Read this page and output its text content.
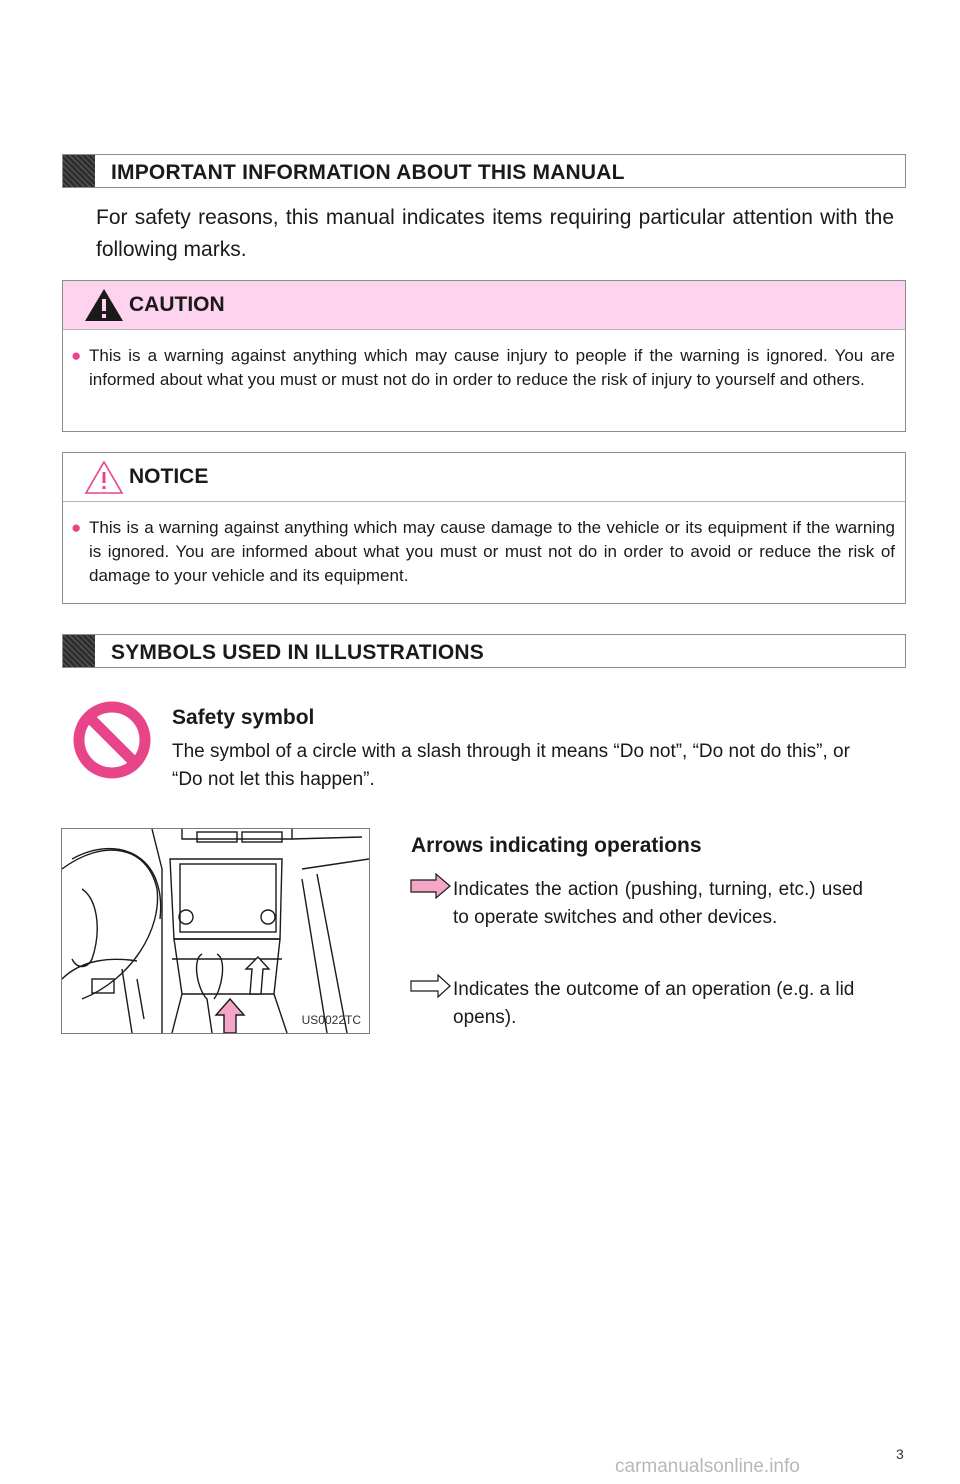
IMPORTANT INFORMATION ABOUT THIS MANUAL
For safety reasons, this manual indicates items requiring particular attention with the following marks.
CAUTION
● This is a warning against anything which may cause injury to people if the warning is ignored. You are informed about what you must or must not do in order to reduce the risk of injury to yourself and others.
NOTICE
● This is a warning against anything which may cause damage to the vehicle or its equipment if the warning is ignored. You are informed about what you must or must not do in order to avoid or reduce the risk of damage to your vehicle and its equipment.
SYMBOLS USED IN ILLUSTRATIONS
Safety symbol
The symbol of a circle with a slash through it means “Do not”, “Do not do this”, or “Do not let this happen”.
US0022TC
Arrows indicating operations
Indicates the action (pushing, turning, etc.) used to operate switches and other devices.
Indicates the outcome of an operation (e.g. a lid opens).
3
carmanualsonline.info
